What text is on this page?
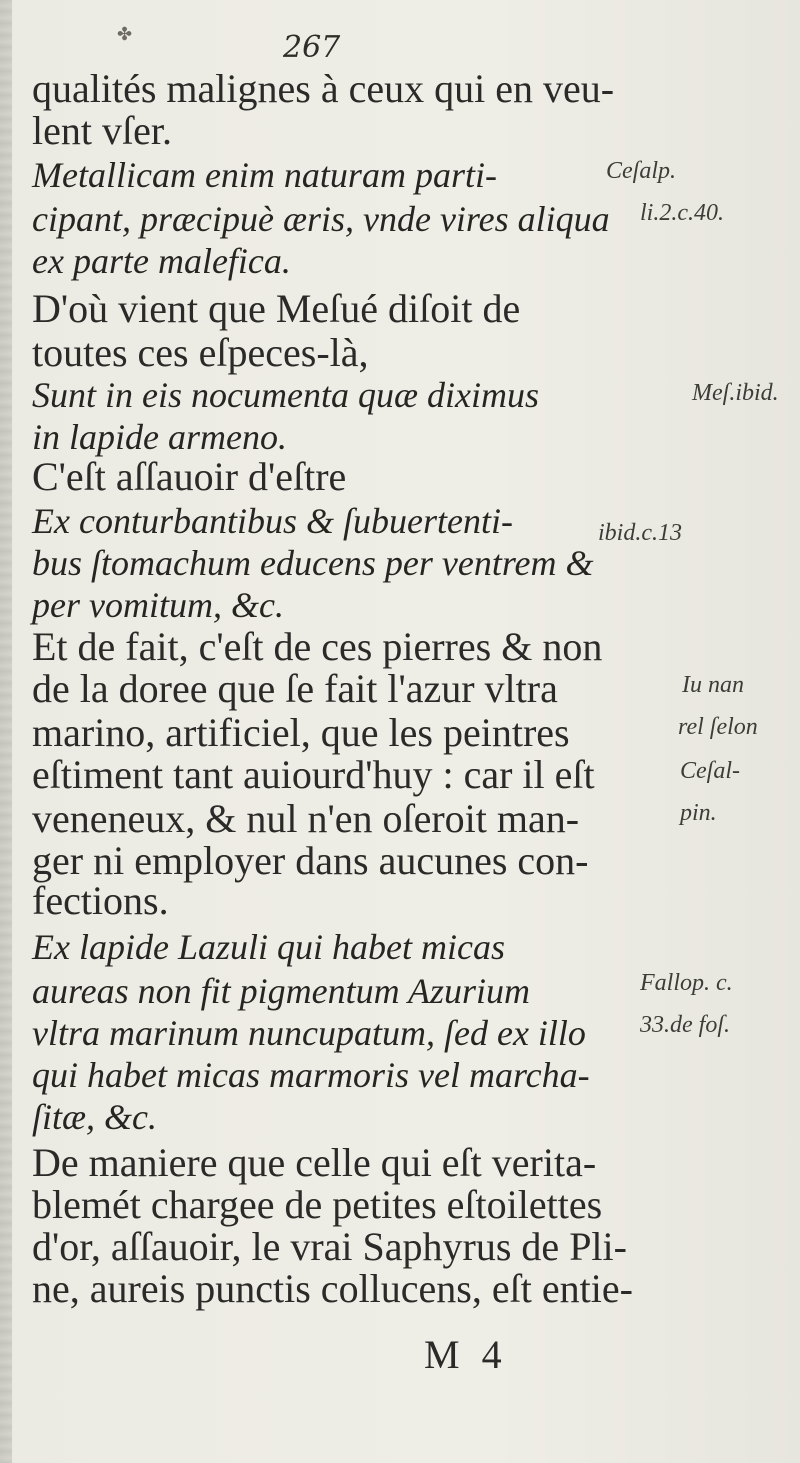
✤	267
qualités malignes à ceux qui en veu-
lent vſer.
Metallicam enim naturam parti-
cipant, præcipuè æris, vnde vires aliqua
ex parte malefica.
D'où vient que Meſué diſoit de
toutes ces eſpeces-là,
Sunt in eis nocumenta quæ diximus
in lapide armeno.
C'eſt aſſauoir d'eſtre
Ex conturbantibus & ſubuertenti-
bus ſtomachum educens per ventrem &
per vomitum, &c.
Et de fait, c'eſt de ces pierres & non
de la doree que ſe fait l'azur vltra
marino, artificiel, que les peintres
eſtiment tant auiourd'huy : car il eſt
veneneux, & nul n'en oſeroit man-
ger ni employer dans aucunes con-
fections.
Ex lapide Lazuli qui habet micas
aureas non fit pigmentum Azurium
vltra marinum nuncupatum, ſed ex illo
qui habet micas marmoris vel marcha-
ſitæ, &c.
De maniere que celle qui eſt verita-
blemét chargee de petites eſtoilettes
d'or, aſſauoir, le vrai Saphyrus de Pli-
ne, aureis punctis collucens, eſt entie-
Ceſalp.
li.2.c.40.
Meſ.ibid.
ibid.c.13
Iu nan
rel ſelon
Ceſal-
pin.
Fallop. c.
33.de foſ.
M 4
